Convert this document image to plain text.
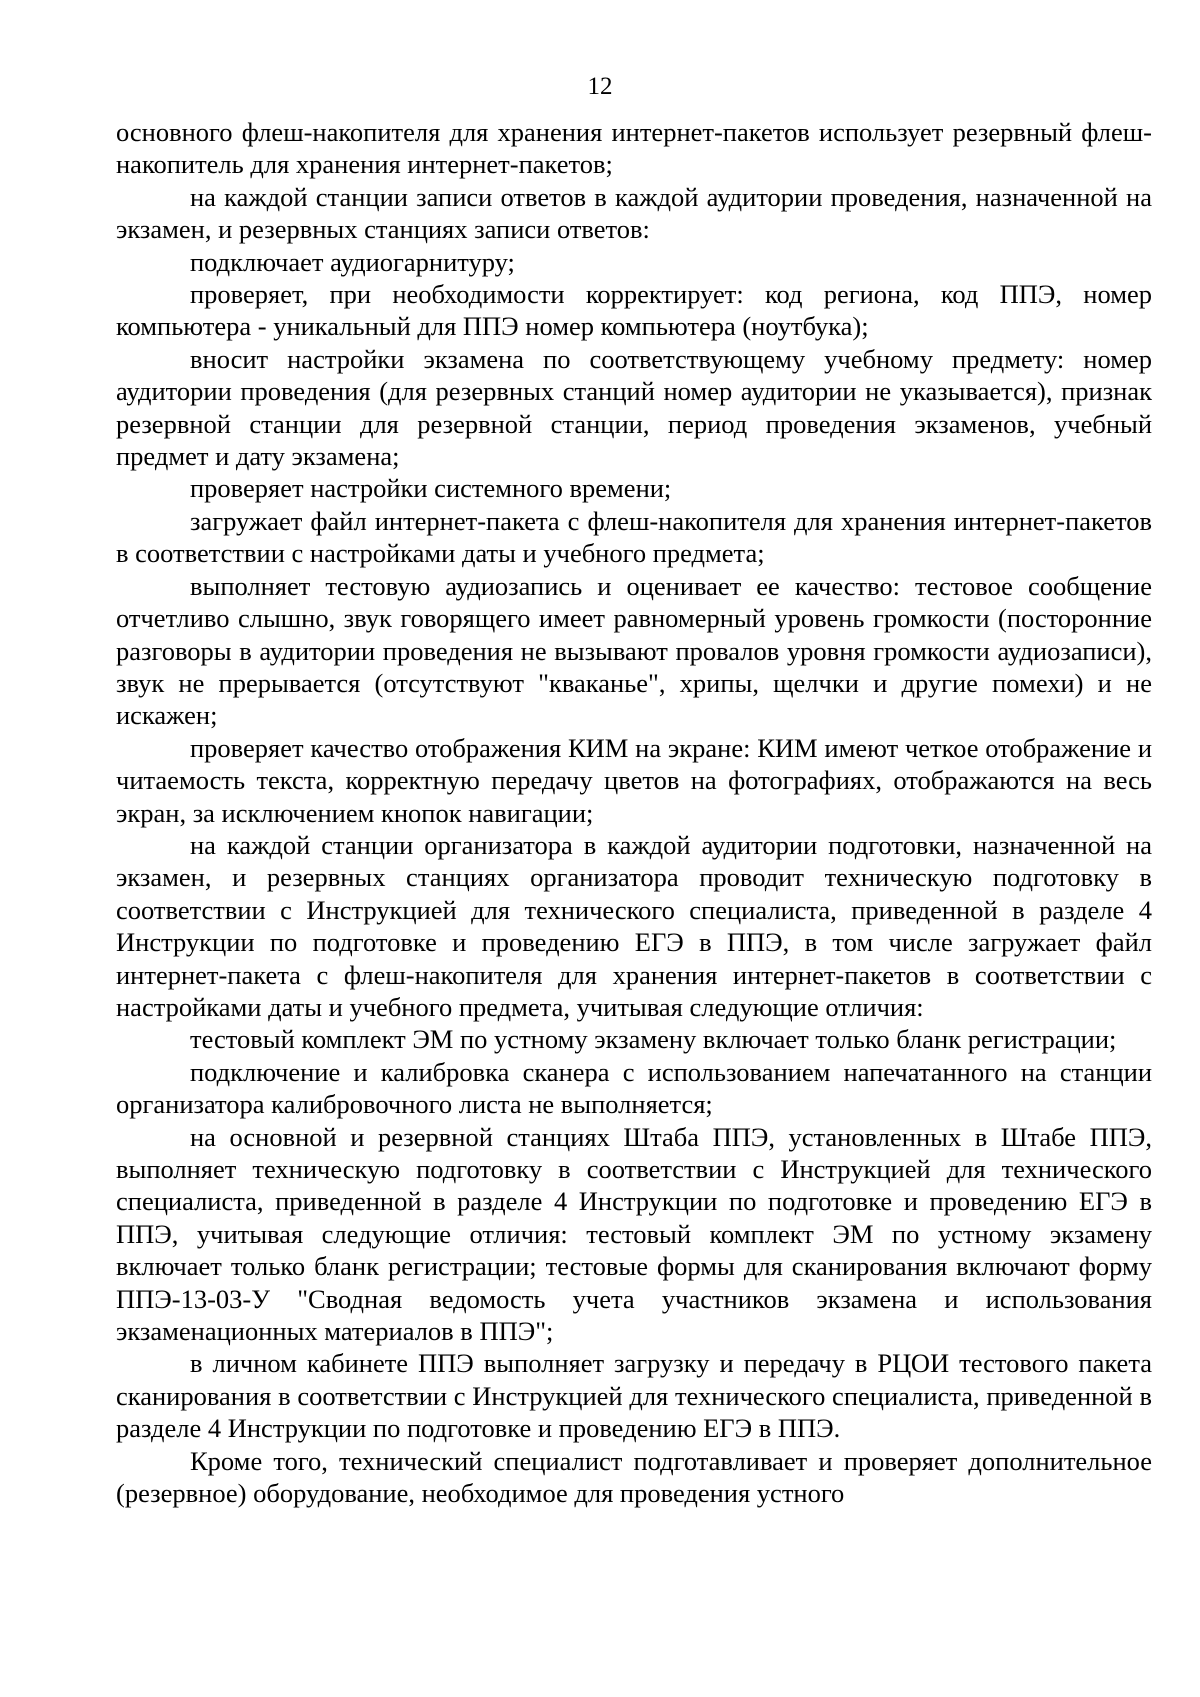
12

основного флеш-накопителя для хранения интернет-пакетов использует резервный флеш-накопитель для хранения интернет-пакетов;

на каждой станции записи ответов в каждой аудитории проведения, назначенной на экзамен, и резервных станциях записи ответов:

подключает аудиогарнитуру;

проверяет, при необходимости корректирует: код региона, код ППЭ, номер компьютера - уникальный для ППЭ номер компьютера (ноутбука);

вносит настройки экзамена по соответствующему учебному предмету: номер аудитории проведения (для резервных станций номер аудитории не указывается), признак резервной станции для резервной станции, период проведения экзаменов, учебный предмет и дату экзамена;

проверяет настройки системного времени;

загружает файл интернет-пакета с флеш-накопителя для хранения интернет-пакетов в соответствии с настройками даты и учебного предмета;

выполняет тестовую аудиозапись и оценивает ее качество: тестовое сообщение отчетливо слышно, звук говорящего имеет равномерный уровень громкости (посторонние разговоры в аудитории проведения не вызывают провалов уровня громкости аудиозаписи), звук не прерывается (отсутствуют "кваканье", хрипы, щелчки и другие помехи) и не искажен;

проверяет качество отображения КИМ на экране: КИМ имеют четкое отображение и читаемость текста, корректную передачу цветов на фотографиях, отображаются на весь экран, за исключением кнопок навигации;

на каждой станции организатора в каждой аудитории подготовки, назначенной на экзамен, и резервных станциях организатора проводит техническую подготовку в соответствии с Инструкцией для технического специалиста, приведенной в разделе 4 Инструкции по подготовке и проведению ЕГЭ в ППЭ, в том числе загружает файл интернет-пакета с флеш-накопителя для хранения интернет-пакетов в соответствии с настройками даты и учебного предмета, учитывая следующие отличия:

тестовый комплект ЭМ по устному экзамену включает только бланк регистрации;

подключение и калибровка сканера с использованием напечатанного на станции организатора калибровочного листа не выполняется;

на основной и резервной станциях Штаба ППЭ, установленных в Штабе ППЭ, выполняет техническую подготовку в соответствии с Инструкцией для технического специалиста, приведенной в разделе 4 Инструкции по подготовке и проведению ЕГЭ в ППЭ, учитывая следующие отличия: тестовый комплект ЭМ по устному экзамену включает только бланк регистрации; тестовые формы для сканирования включают форму ППЭ-13-03-У "Сводная ведомость учета участников экзамена и использования экзаменационных материалов в ППЭ";

в личном кабинете ППЭ выполняет загрузку и передачу в РЦОИ тестового пакета сканирования в соответствии с Инструкцией для технического специалиста, приведенной в разделе 4 Инструкции по подготовке и проведению ЕГЭ в ППЭ.

Кроме того, технический специалист подготавливает и проверяет дополнительное (резервное) оборудование, необходимое для проведения устного
